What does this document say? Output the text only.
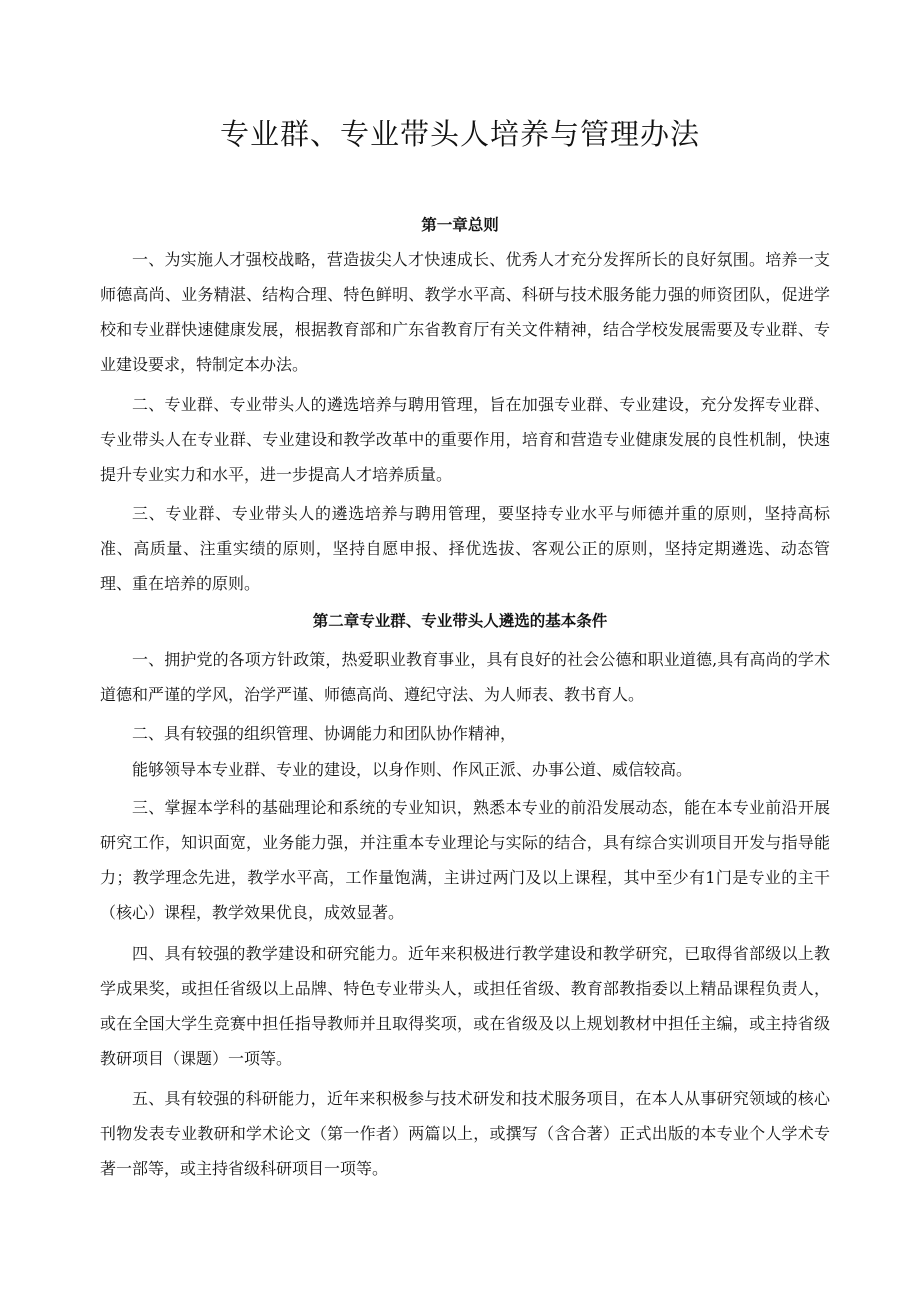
专业群、专业带头人培养与管理办法
第一章总则

一、为实施人才强校战略，营造拔尖人才快速成长、优秀人才充分发挥所长的良好氛围。培养一支师德高尚、业务精湛、结构合理、特色鲜明、教学水平高、科研与技术服务能力强的师资团队，促进学校和专业群快速健康发展，根据教育部和广东省教育厅有关文件精神，结合学校发展需要及专业群、专业建设要求，特制定本办法。

二、专业群、专业带头人的遴选培养与聘用管理，旨在加强专业群、专业建设，充分发挥专业群、专业带头人在专业群、专业建设和教学改革中的重要作用，培育和营造专业健康发展的良性机制，快速提升专业实力和水平，进一步提高人才培养质量。

三、专业群、专业带头人的遴选培养与聘用管理，要坚持专业水平与师德并重的原则，坚持高标准、高质量、注重实绩的原则，坚持自愿申报、择优选拔、客观公正的原则，坚持定期遴选、动态管理、重在培养的原则。

第二章专业群、专业带头人遴选的基本条件

一、拥护党的各项方针政策，热爱职业教育事业，具有良好的社会公德和职业道德,具有高尚的学术道德和严谨的学风，治学严谨、师德高尚、遵纪守法、为人师表、教书育人。

二、具有较强的组织管理、协调能力和团队协作精神，

能够领导本专业群、专业的建设，以身作则、作风正派、办事公道、威信较高。

三、掌握本学科的基础理论和系统的专业知识，熟悉本专业的前沿发展动态，能在本专业前沿开展研究工作，知识面宽，业务能力强，并注重本专业理论与实际的结合，具有综合实训项目开发与指导能力；教学理念先进，教学水平高，工作量饱满，主讲过两门及以上课程，其中至少有1门是专业的主干（核心）课程，教学效果优良，成效显著。

四、具有较强的教学建设和研究能力。近年来积极进行教学建设和教学研究，已取得省部级以上教学成果奖，或担任省级以上品牌、特色专业带头人，或担任省级、教育部教指委以上精品课程负责人，或在全国大学生竞赛中担任指导教师并且取得奖项，或在省级及以上规划教材中担任主编，或主持省级教研项目（课题）一项等。

五、具有较强的科研能力，近年来积极参与技术研发和技术服务项目，在本人从事研究领域的核心刊物发表专业教研和学术论文（第一作者）两篇以上，或撰写（含合著）正式出版的本专业个人学术专著一部等，或主持省级科研项目一项等。
